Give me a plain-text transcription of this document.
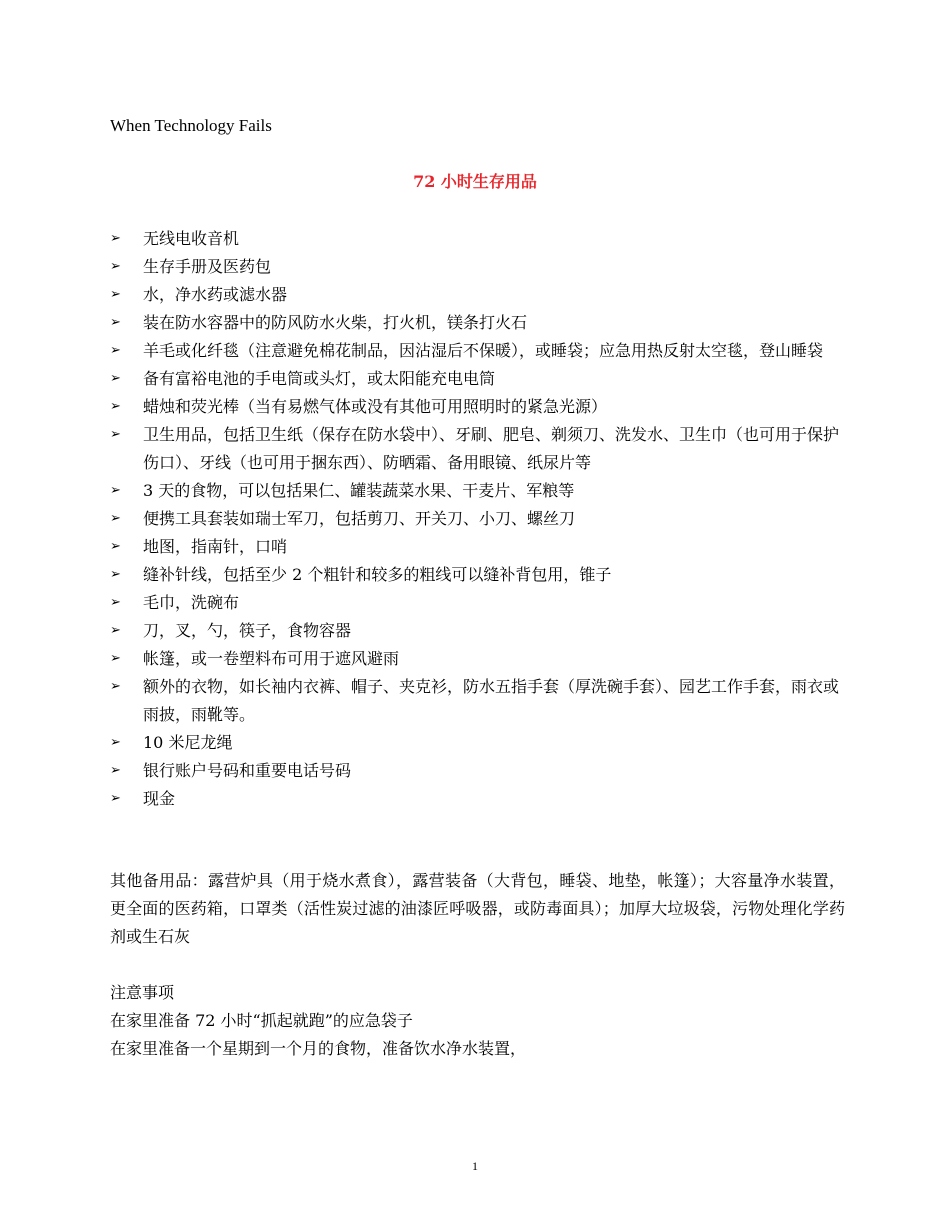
When Technology Fails
72 小时生存用品
➢	无线电收音机
➢	生存手册及医药包
➢	水，净水药或滤水器
➢	装在防水容器中的防风防水火柴，打火机，镁条打火石
➢	羊毛或化纤毯（注意避免棉花制品，因沾湿后不保暖），或睡袋；应急用热反射太空毯，登山睡袋
➢	备有富裕电池的手电筒或头灯，或太阳能充电电筒
➢	蜡烛和荧光棒（当有易燃气体或没有其他可用照明时的紧急光源）
➢	卫生用品，包括卫生纸（保存在防水袋中）、牙刷、肥皂、剃须刀、洗发水、卫生巾（也可用于保护伤口）、牙线（也可用于捆东西）、防晒霜、备用眼镜、纸尿片等
➢	3 天的食物，可以包括果仁、罐装蔬菜水果、干麦片、军粮等
➢	便携工具套装如瑞士军刀，包括剪刀、开关刀、小刀、螺丝刀
➢	地图，指南针，口哨
➢	缝补针线，包括至少 2 个粗针和较多的粗线可以缝补背包用，锥子
➢	毛巾，洗碗布
➢	刀，叉，勺，筷子，食物容器
➢	帐篷，或一卷塑料布可用于遮风避雨
➢	额外的衣物，如长袖内衣裤、帽子、夹克衫，防水五指手套（厚洗碗手套）、园艺工作手套，雨衣或雨披，雨靴等。
➢	10 米尼龙绳
➢	银行账户号码和重要电话号码
➢	现金

其他备用品：露营炉具（用于烧水煮食），露营装备（大背包，睡袋、地垫，帐篷）；大容量净水装置，更全面的医药箱，口罩类（活性炭过滤的油漆匠呼吸器，或防毒面具）；加厚大垃圾袋，污物处理化学药剂或生石灰

注意事项
在家里准备 72 小时“抓起就跑”的应急袋子
在家里准备一个星期到一个月的食物，准备饮水净水装置，
1
